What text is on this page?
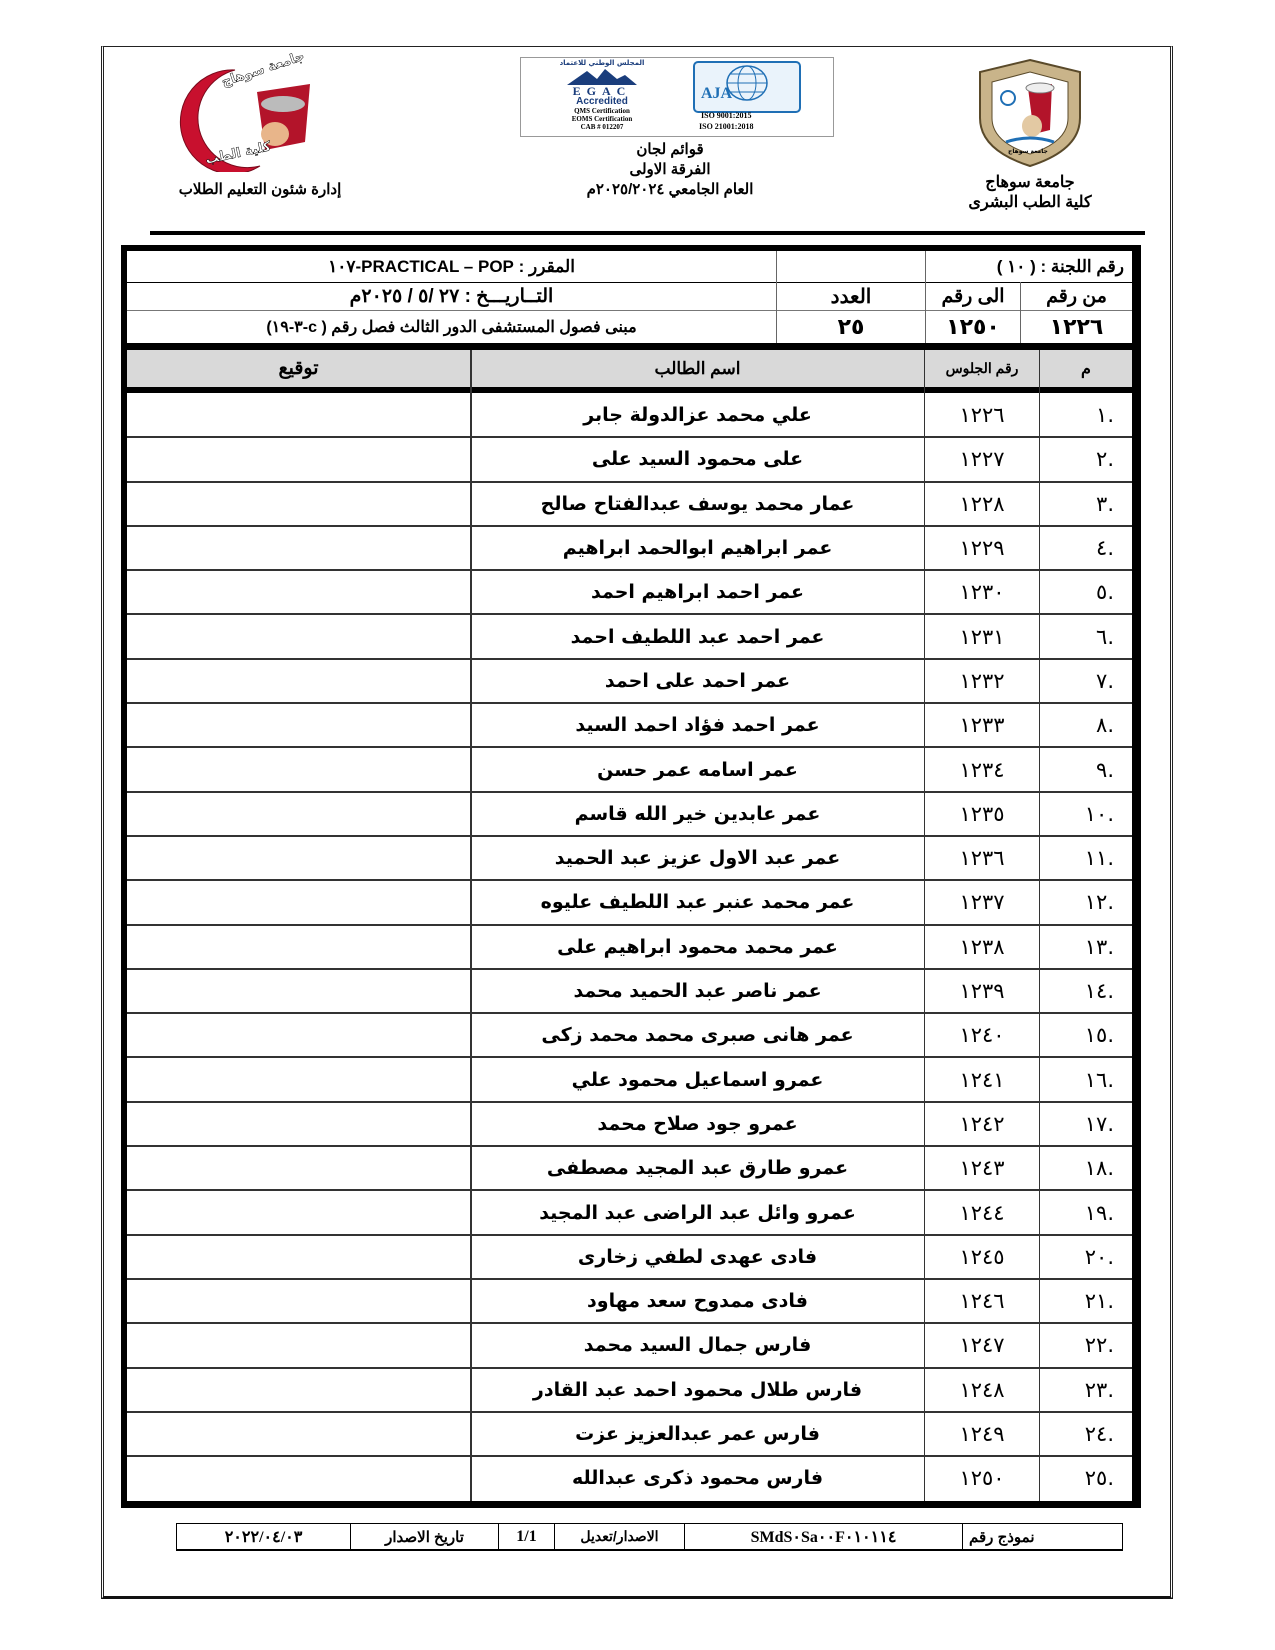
جامعة سوهاج
كلية الطب
إدارة شئون التعليم الطلاب
AJA
ISO 9001:2015
ISO 21001:2018
المجلس الوطني للاعتماد
EGAC
Accredited
QMS Certification
EOMS Certification
CAB # 012207
قوائم لجان
الفرقة الاولى
العام الجامعي ٢٠٢٥/٢٠٢٤م
جامعة سوهاج
جامعة سوهاج
كلية الطب البشرى
رقم اللجنة : ( ١٠ )
المقرر : PRACTICAL – POP-١٠٧
من رقم
الى رقم
العدد
التــاريـــخ : ٢٧ /٥ / ٢٠٢٥م
١٢٢٦
١٢٥٠
٢٥
مبنى فصول المستشفى الدور الثالث فصل رقم ( c-٣-١٩)
م
رقم الجلوس
اسم الطالب
توقيع
.١
١٢٢٦
علي محمد عزالدولة جابر
.٢
١٢٢٧
على محمود السيد على
.٣
١٢٢٨
عمار محمد يوسف عبدالفتاح صالح
.٤
١٢٢٩
عمر ابراهيم ابوالحمد ابراهيم
.٥
١٢٣٠
عمر احمد ابراهيم احمد
.٦
١٢٣١
عمر احمد عبد اللطيف احمد
.٧
١٢٣٢
عمر احمد على احمد
.٨
١٢٣٣
عمر احمد فؤاد احمد السيد
.٩
١٢٣٤
عمر اسامه عمر حسن
.١٠
١٢٣٥
عمر عابدين خير الله قاسم
.١١
١٢٣٦
عمر عبد الاول عزيز عبد الحميد
.١٢
١٢٣٧
عمر محمد عنبر عبد اللطيف عليوه
.١٣
١٢٣٨
عمر محمد محمود ابراهيم على
.١٤
١٢٣٩
عمر ناصر عبد الحميد محمد
.١٥
١٢٤٠
عمر هانى صبرى محمد محمد زكى
.١٦
١٢٤١
عمرو اسماعيل محمود علي
.١٧
١٢٤٢
عمرو جود صلاح محمد
.١٨
١٢٤٣
عمرو طارق عبد المجيد مصطفى
.١٩
١٢٤٤
عمرو وائل عبد الراضى عبد المجيد
.٢٠
١٢٤٥
فادى عهدى لطفي زخارى
.٢١
١٢٤٦
فادى ممدوح سعد مهاود
.٢٢
١٢٤٧
فارس جمال السيد محمد
.٢٣
١٢٤٨
فارس طلال محمود احمد عبد القادر
.٢٤
١٢٤٩
فارس عمر عبدالعزيز عزت
.٢٥
١٢٥٠
فارس محمود ذكرى عبدالله
نموذج رقم
SMdS٠Sa٠٠F٠١٠١١٤
الاصدار/تعديل
1/1
تاريخ الاصدار
٢٠٢٢/٠٤/٠٣
